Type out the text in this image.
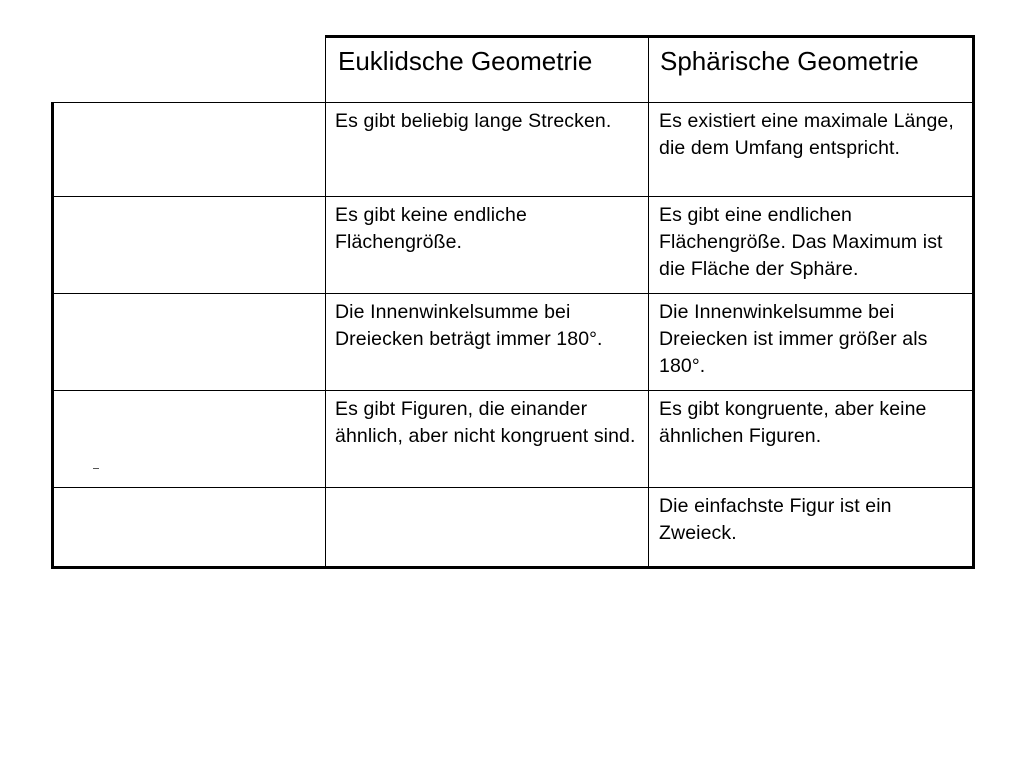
Euklidsche Geometrie	Sphärische Geometrie
Es gibt beliebig lange Strecken.	Es existiert eine maximale Länge, die dem Umfang entspricht.
Es gibt keine endliche Flächengröße.
Es gibt eine endlichen Flächengröße. Das Maximum ist die Fläche der Sphäre.
Die Innenwinkelsumme bei Dreiecken beträgt immer 180°.
Die Innenwinkelsumme bei Dreiecken ist immer größer als 180°.
Es gibt Figuren, die einander ähnlich, aber nicht kongruent sind.
Es gibt kongruente, aber keine ähnlichen Figuren.
Die einfachste Figur ist ein Zweieck.
